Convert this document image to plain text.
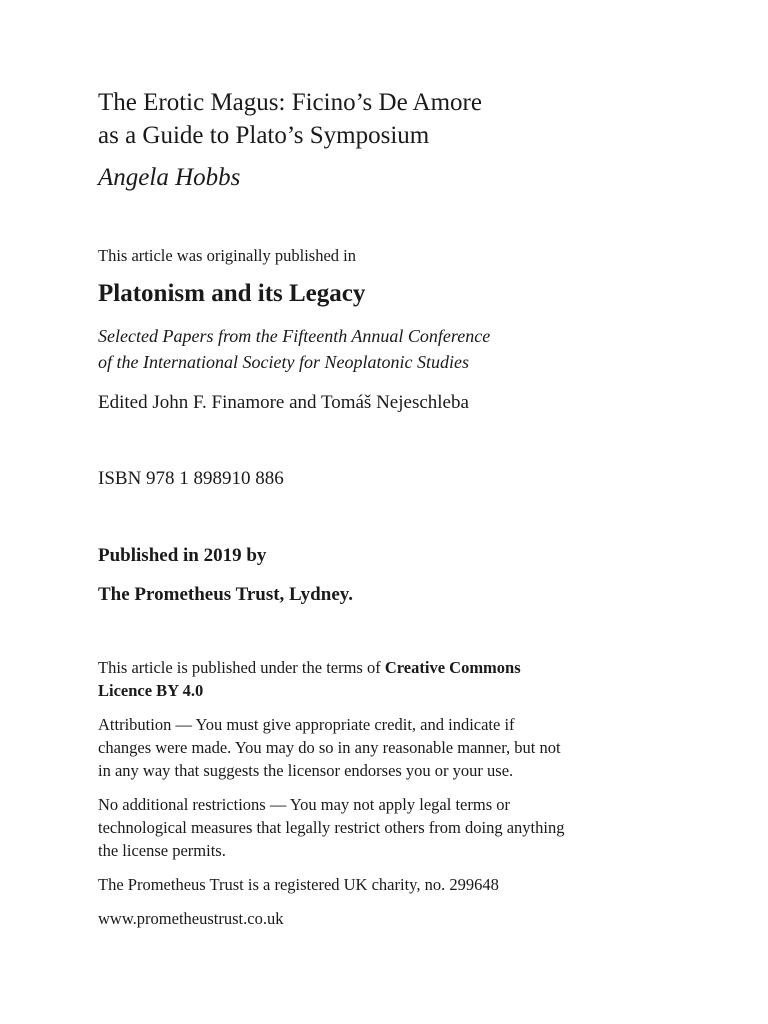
The Erotic Magus: Ficino’s De Amore
as a Guide to Plato’s Symposium
Angela Hobbs
This article was originally published in
Platonism and its Legacy
Selected Papers from the Fifteenth Annual Conference
of the International Society for Neoplatonic Studies
Edited John F. Finamore and Tomáš Nejeschleba
ISBN 978 1 898910 886
Published in 2019 by
The Prometheus Trust, Lydney.
This article is published under the terms of Creative Commons
Licence BY 4.0
Attribution — You must give appropriate credit, and indicate if
changes were made. You may do so in any reasonable manner, but not
in any way that suggests the licensor endorses you or your use.
No additional restrictions — You may not apply legal terms or
technological measures that legally restrict others from doing anything
the license permits.
The Prometheus Trust is a registered UK charity, no. 299648
www.prometheustrust.co.uk
